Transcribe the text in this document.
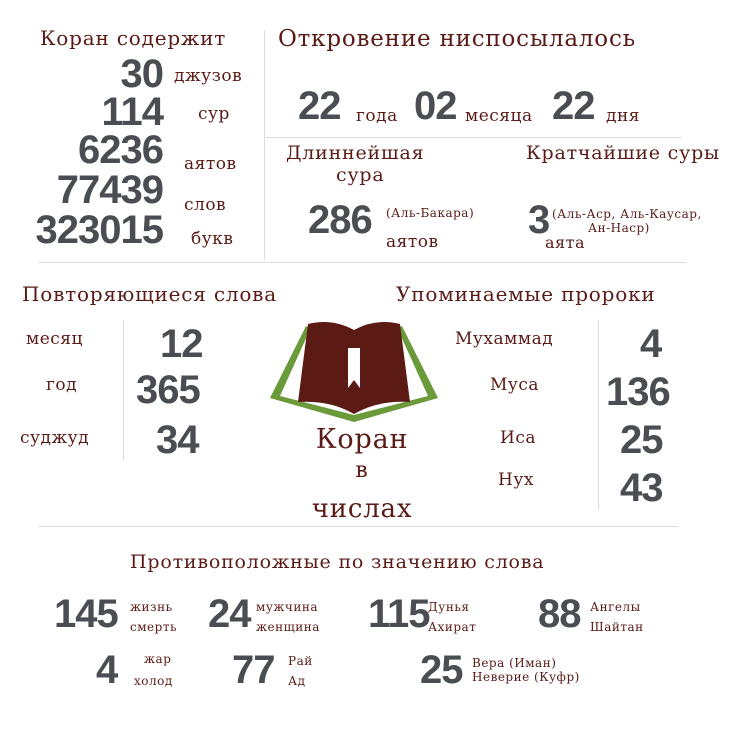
Коран содержит
30 джузов
114 сур
6236 аятов
77439 слов
323015 букв
Откровение ниспосылалось
22 года 02 месяца 22 дня
Длиннейшая
сура
286 (Аль-Бакара)
аятов
Кратчайшие суры
3 (Аль-Аср, Аль-Каусар,
Ан-Наср)
аята
Повторяющиеся слова
месяц 12
год 365
суджуд 34
Упоминаемые пророки
Мухаммад 4
Муса 136
Иса 25
Нух 43
Коран
в
числах
Противоположные по значению слова
145 жизнь
смерть 24 мужчина
женщина 115
Дунья
Ахират 88 Ангелы
Шайтан
4 жар
холод 77 Рай
Ад	25 Вера (Иман)
Неверие (Куфр)
